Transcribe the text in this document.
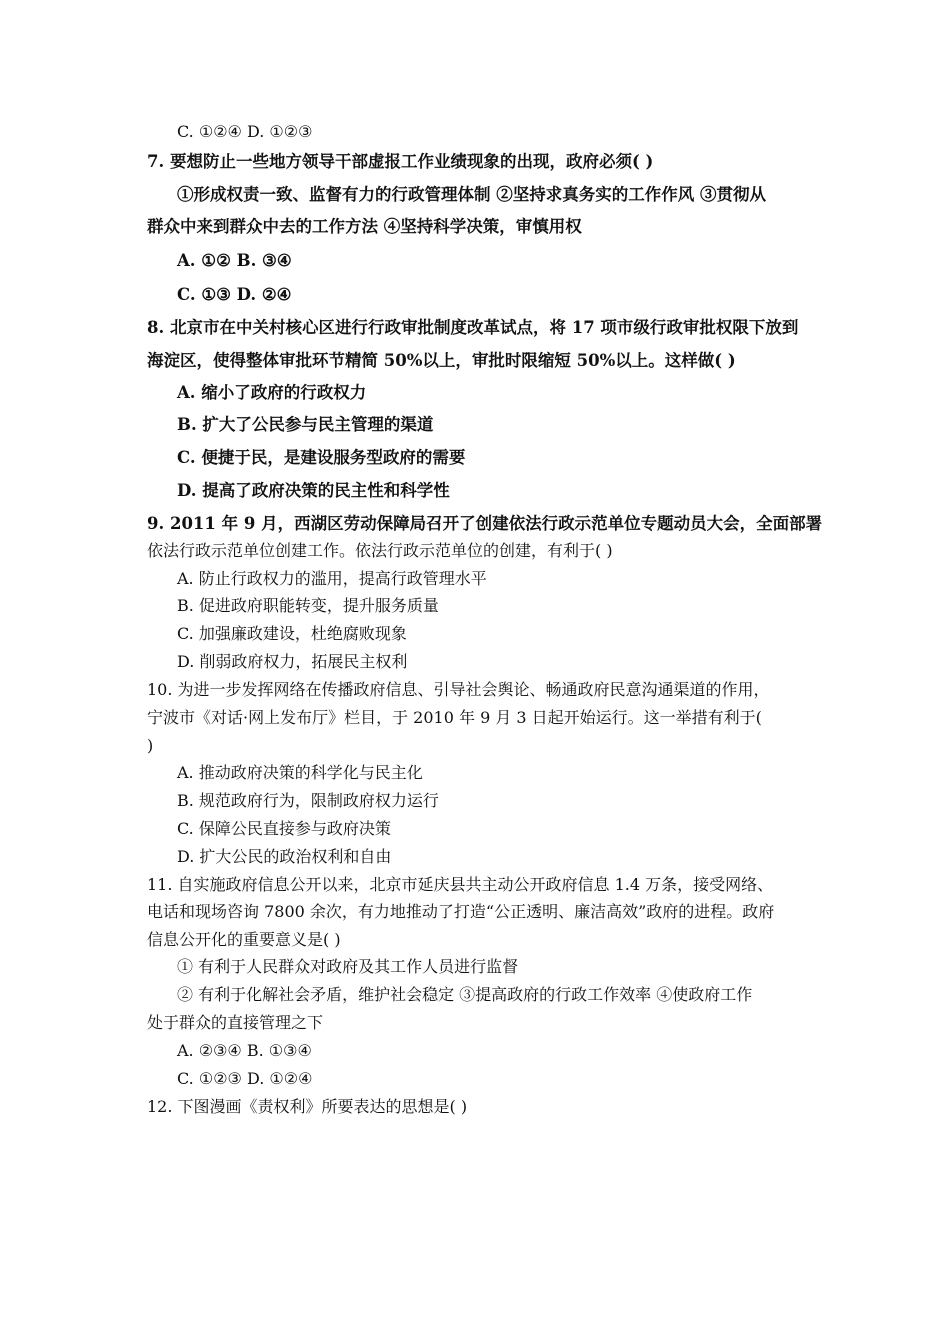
C. ①②④ D. ①②③
7. 要想防止一些地方领导干部虚报工作业绩现象的出现，政府必须( )
①形成权责一致、监督有力的行政管理体制 ②坚持求真务实的工作作风 ③贯彻从
群众中来到群众中去的工作方法 ④坚持科学决策，审慎用权
A. ①② B. ③④
C. ①③ D. ②④
8. 北京市在中关村核心区进行行政审批制度改革试点，将 17 项市级行政审批权限下放到
海淀区，使得整体审批环节精简 50%以上，审批时限缩短 50%以上。这样做( )
A. 缩小了政府的行政权力
B. 扩大了公民参与民主管理的渠道
C. 便捷于民，是建设服务型政府的需要
D. 提高了政府决策的民主性和科学性
9. 2011 年 9 月，西湖区劳动保障局召开了创建依法行政示范单位专题动员大会，全面部署
依法行政示范单位创建工作。依法行政示范单位的创建，有利于( )
A. 防止行政权力的滥用，提高行政管理水平
B. 促进政府职能转变，提升服务质量
C. 加强廉政建设，杜绝腐败现象
D. 削弱政府权力，拓展民主权利
10. 为进一步发挥网络在传播政府信息、引导社会舆论、畅通政府民意沟通渠道的作用，
宁波市《对话·网上发布厅》栏目，于 2010 年 9 月 3 日起开始运行。这一举措有利于(
)
A. 推动政府决策的科学化与民主化
B. 规范政府行为，限制政府权力运行
C. 保障公民直接参与政府决策
D. 扩大公民的政治权利和自由
11. 自实施政府信息公开以来，北京市延庆县共主动公开政府信息 1.4 万条，接受网络、
电话和现场咨询 7800 余次，有力地推动了打造“公正透明、廉洁高效”政府的进程。政府
信息公开化的重要意义是( )
① 有利于人民群众对政府及其工作人员进行监督
② 有利于化解社会矛盾，维护社会稳定 ③提高政府的行政工作效率 ④使政府工作
处于群众的直接管理之下
A. ②③④ B. ①③④
C. ①②③ D. ①②④
12. 下图漫画《责权利》所要表达的思想是( )
